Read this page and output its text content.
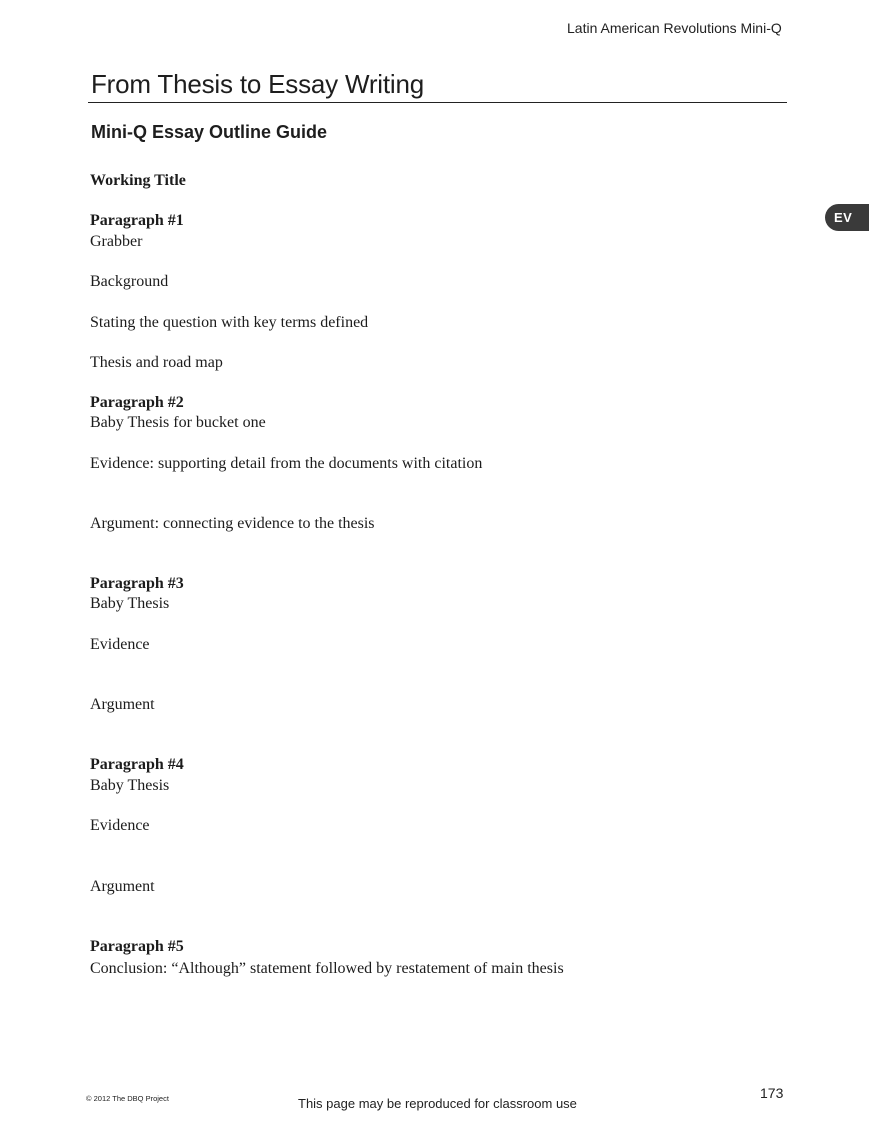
Latin American Revolutions Mini-Q
From Thesis to Essay Writing
Mini-Q Essay Outline Guide
EV
Working Title
Paragraph #1
Grabber
Background
Stating the question with key terms defined
Thesis and road map
Paragraph #2
Baby Thesis for bucket one
Evidence: supporting detail from the documents with citation
Argument: connecting evidence to the thesis
Paragraph #3
Baby Thesis
Evidence
Argument
Paragraph #4
Baby Thesis
Evidence
Argument
Paragraph #5
Conclusion: “Although” statement followed by restatement of main thesis
© 2012 The DBQ Project	This page may be reproduced for classroom use
173
